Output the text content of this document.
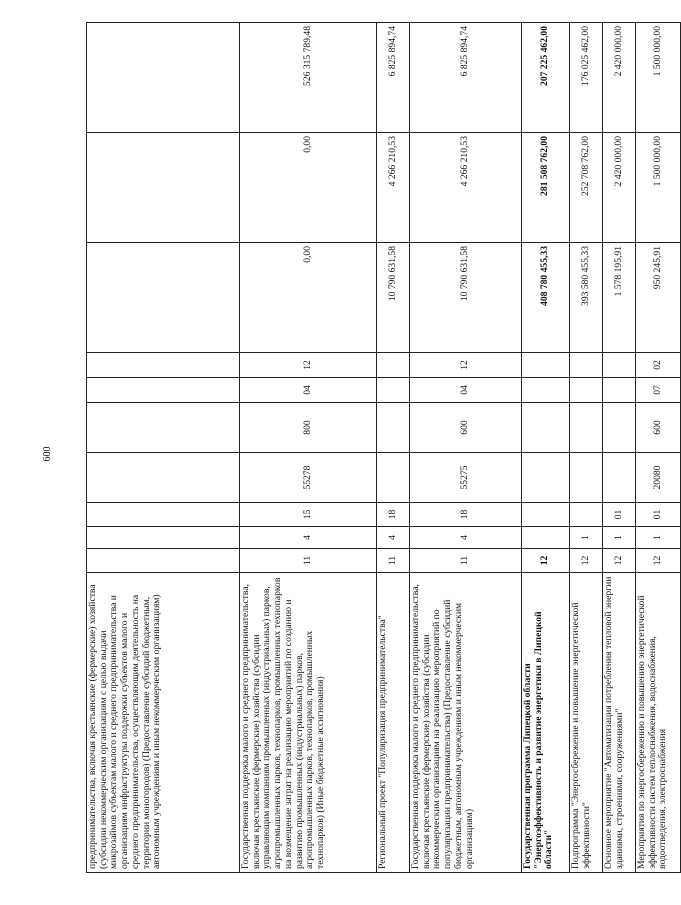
600
предпринимательства, включая крестьянские (фермерские) хозяйства (субсидии некоммерческим организациям с целью выдачи микрозаймов субъектам малого и среднего предпринимательства и организациям инфраструктуры поддержки субъектов малого и среднего предпринимательства, осуществляющим деятельность на территории моногородов) (Предоставление субсидий бюджетным, автономным учреждениям и иным некоммерческим организациям)										
Государственная поддержка малого и среднего предпринимательства, включая крестьянские (фермерские) хозяйства (субсидии управляющим компаниям промышленных (индустриальных) парков, агропромышленных парков, технопарков, промышленных технопарков на возмещение затрат на реализацию мероприятий по созданию и развитию промышленных (индустриальных) парков, агропромышленных парков, технопарков, промышленных технопарков) (Иные бюджетные ассигнования)	11	4	15	55278	800	04	12	0,00	0,00	526 315 789,48
Региональный проект "Популяризация предпринимательства"	11	4	18					10 790 631,58	4 266 210,53	6 825 894,74
Государственная поддержка малого и среднего предпринимательства, включая крестьянские (фермерские) хозяйства (субсидии некоммерческим организациям на реализацию мероприятий по популяризации предпринимательства) (Предоставление субсидий бюджетным, автономным учреждениям и иным некоммерческим организациям)	11	4	18	55275	600	04	12	10 790 631,58	4 266 210,53	6 825 894,74
Государственная программа Липецкой области "Энергоэффективность и развитие энергетики в Липецкой области"	12							408 780 455,33	281 508 762,00	207 225 462,00
Подпрограмма "Энергосбережение и повышение энергетической эффективности"	12	1						393 580 455,33	252 708 762,00	176 025 462,00
Основное мероприятие "Автоматизация потребления тепловой энергии зданиями, строениями, сооружениями"	12	1	01					1 578 195,91	2 420 000,00	2 420 000,00
Мероприятия по энергосбережению и повышению энергетической эффективности систем теплоснабжения, водоснабжения, водоотведения, электроснабжения	12	1	01	20080	600	07	02	950 245,91	1 500 000,00	1 500 000,00
